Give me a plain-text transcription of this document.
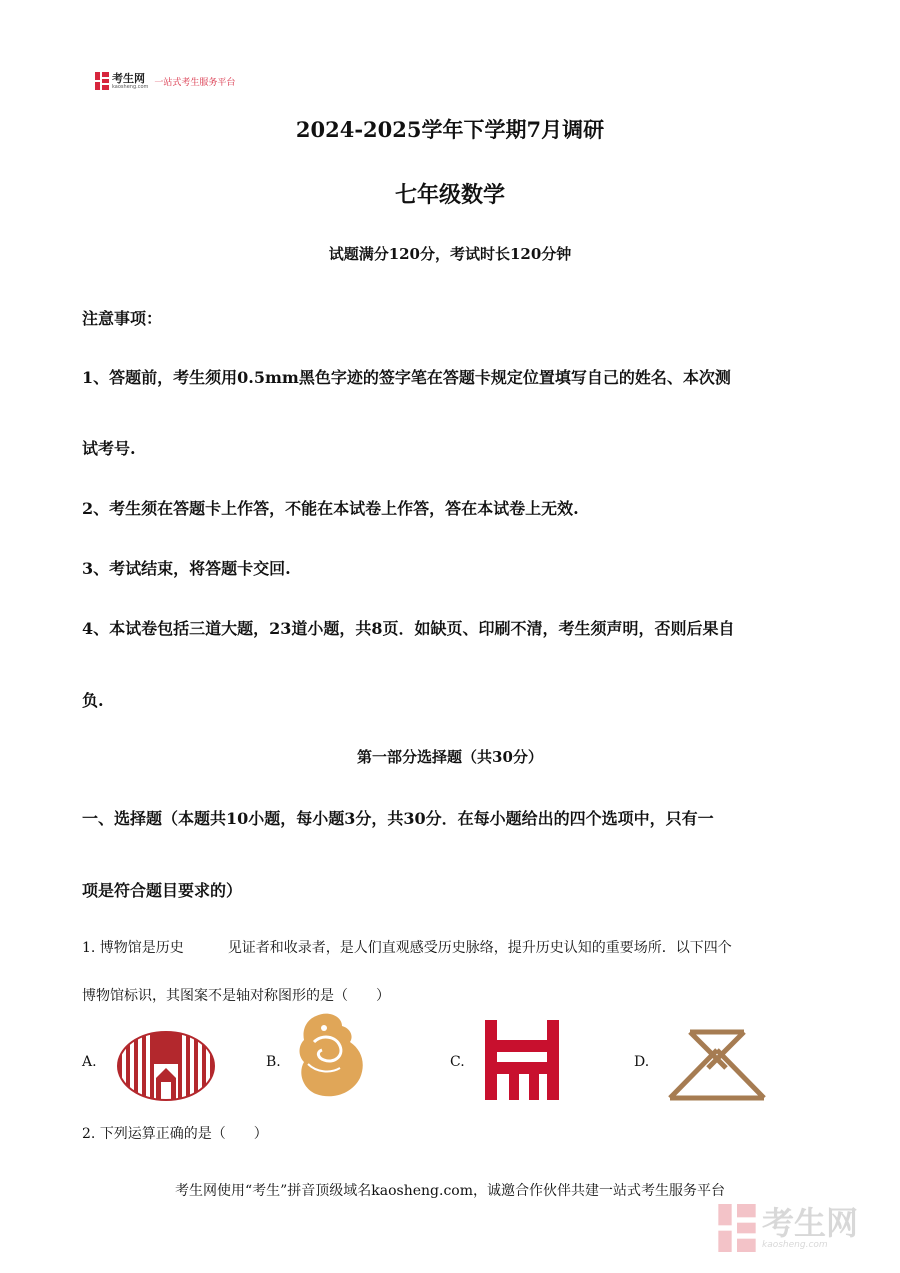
考生网
kaosheng.com 一站式考生服务平台
2024-2025学年下学期7月调研
七年级数学
试题满分120分，考试时长120分钟
注意事项：
1、答题前，考生须用0.5mm黑色字迹的签字笔在答题卡规定位置填写自己的姓名、本次测
试考号.
2、考生须在答题卡上作答，不能在本试卷上作答，答在本试卷上无效.
3、考试结束，将答题卡交回.
4、本试卷包括三道大题，23道小题，共8页．如缺页、印刷不清，考生须声明，否则后果自
负.
第一部分选择题（共30分）
一、选择题（本题共10小题，每小题3分，共30分．在每小题给出的四个选项中，只有一
项是符合题目要求的）
1. 博物馆是历史	见证者和收录者，是人们直观感受历史脉络，提升历史认知的重要场所．以下四个
博物馆标识，其图案不是轴对称图形的是（　　）
A.	B.	C.	D.
2. 下列运算正确的是（　　）
考生网使用“考生”拼音顶级域名kaosheng.com，诚邀合作伙伴共建一站式考生服务平台
考生网
kaosheng.com
